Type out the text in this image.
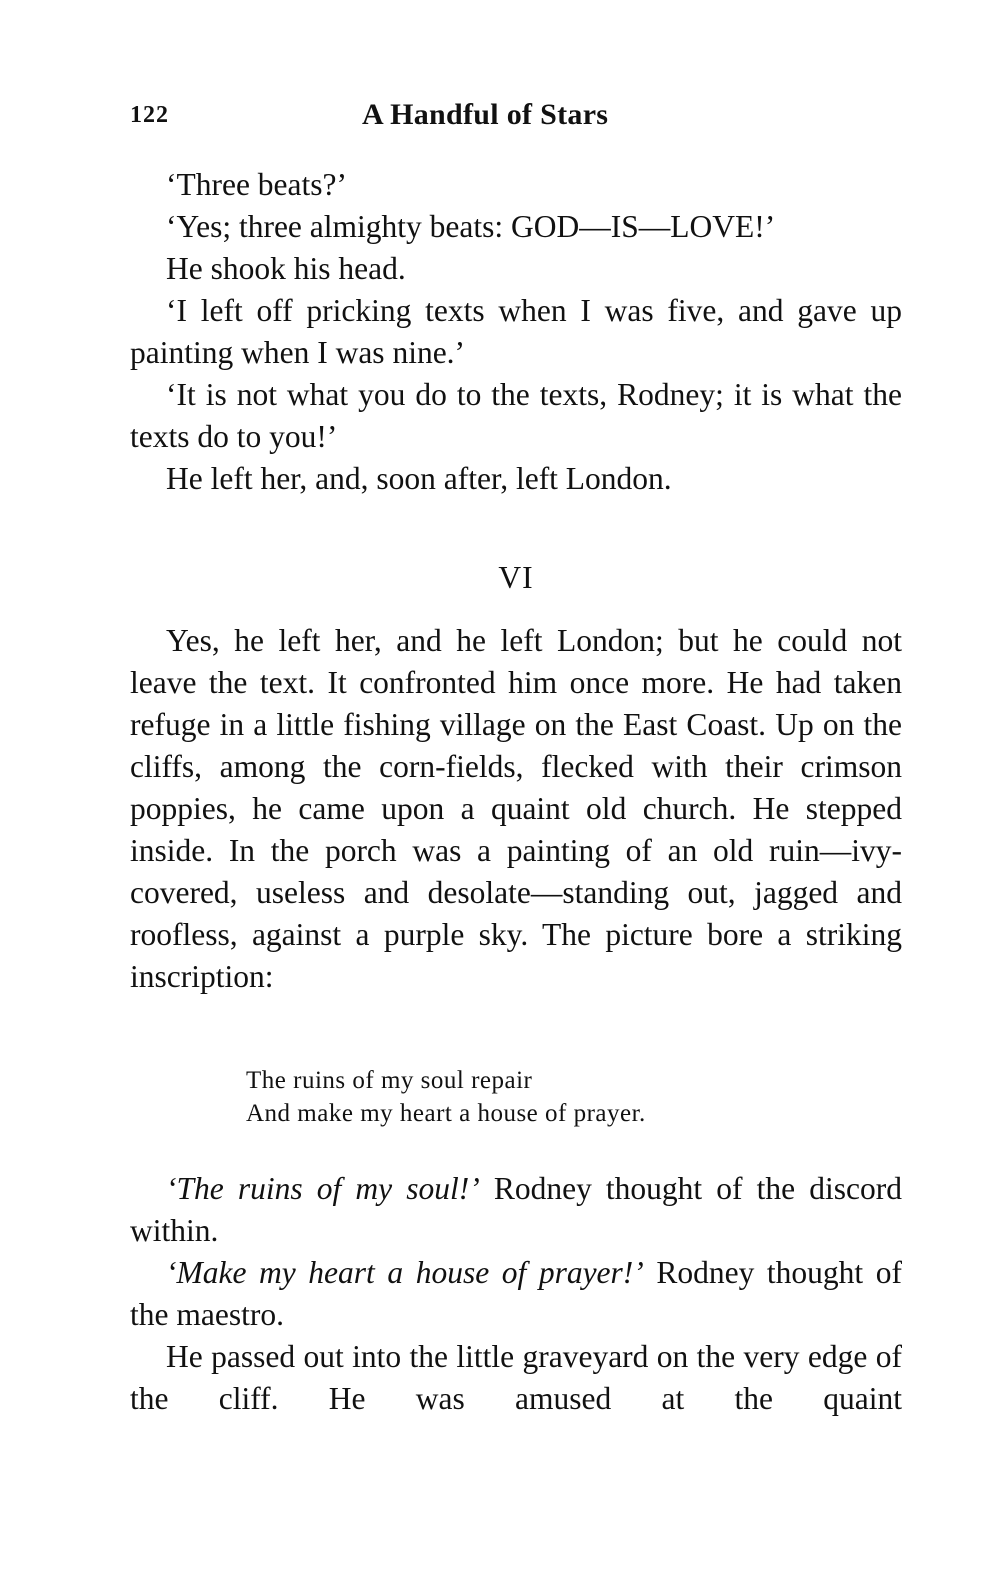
122	A Handful of Stars

‘Three beats?’

‘Yes; three almighty beats: GOD—IS—LOVE!’

He shook his head.

‘I left off pricking texts when I was five, and gave up painting when I was nine.’

‘It is not what you do to the texts, Rodney; it is what the texts do to you!’

He left her, and, soon after, left London.

VI

Yes, he left her, and he left London; but he could not leave the text. It confronted him once more. He had taken refuge in a little fishing village on the East Coast. Up on the cliffs, among the corn-fields, flecked with their crimson poppies, he came upon a quaint old church. He stepped inside. In the porch was a painting of an old ruin—ivy-covered, useless and desolate—standing out, jagged and roofless, against a purple sky. The picture bore a striking inscription:

The ruins of my soul repair
And make my heart a house of prayer.

‘The ruins of my soul!’ Rodney thought of the discord within.

‘Make my heart a house of prayer!’ Rodney thought of the maestro.

He passed out into the little graveyard on the very edge of the cliff. He was amused at the quaint
